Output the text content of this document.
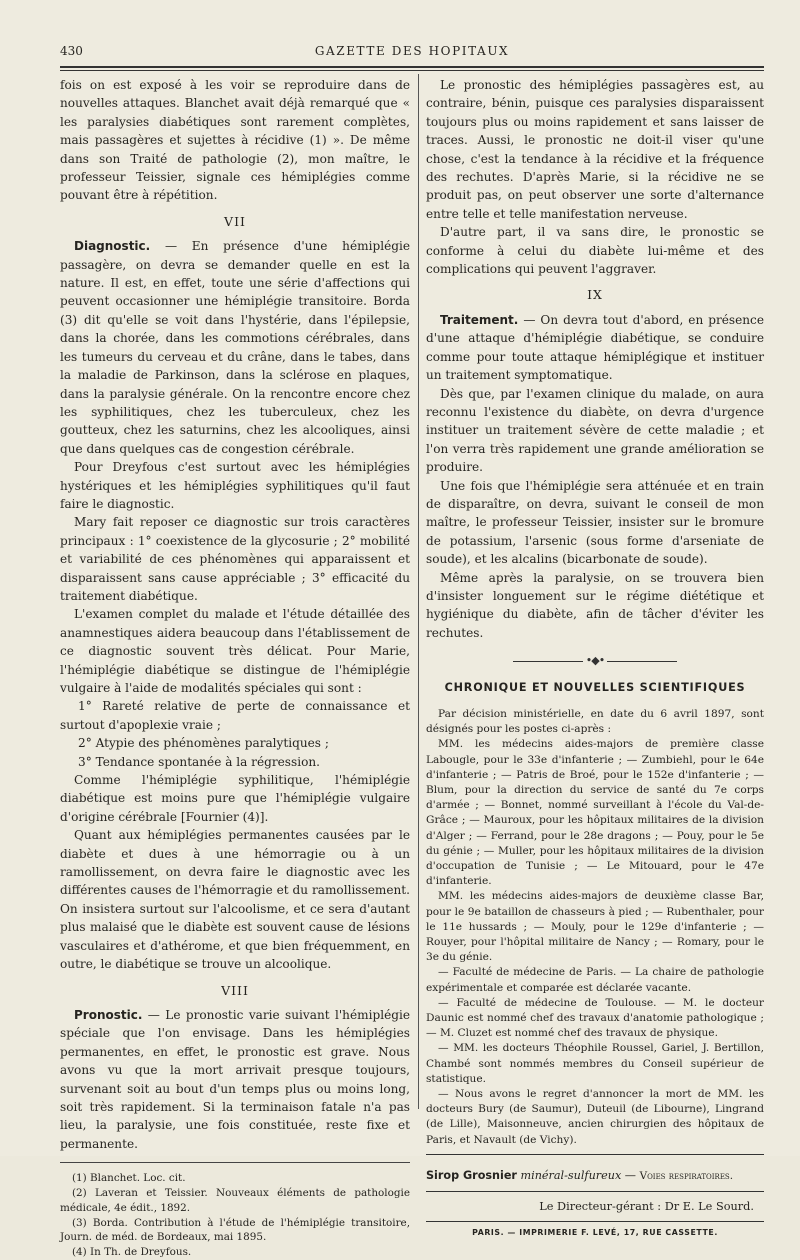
430	GAZETTE DES HOPITAUX

fois on est exposé à les voir se reproduire dans de nouvelles attaques. Blanchet avait déjà remarqué que « les paralysies diabétiques sont rarement complètes, mais passagères et sujettes à récidive (1) ». De même dans son Traité de pathologie (2), mon maître, le professeur Teissier, signale ces hémiplégies comme pouvant être à répétition.

VII

Diagnostic. — En présence d'une hémiplégie passagère, on devra se demander quelle en est la nature. Il est, en effet, toute une série d'affections qui peuvent occasionner une hémiplégie transitoire. Borda (3) dit qu'elle se voit dans l'hystérie, dans l'épilepsie, dans la chorée, dans les commotions cérébrales, dans les tumeurs du cerveau et du crâne, dans le tabes, dans la maladie de Parkinson, dans la sclérose en plaques, dans la paralysie générale. On la rencontre encore chez les syphilitiques, chez les tuberculeux, chez les goutteux, chez les saturnins, chez les alcooliques, ainsi que dans quelques cas de congestion cérébrale.

Pour Dreyfous c'est surtout avec les hémiplégies hystériques et les hémiplégies syphilitiques qu'il faut faire le diagnostic.

Mary fait reposer ce diagnostic sur trois caractères principaux : 1° coexistence de la glycosurie ; 2° mobilité et variabilité de ces phénomènes qui apparaissent et disparaissent sans cause appréciable ; 3° efficacité du traitement diabétique.

L'examen complet du malade et l'étude détaillée des anamnestiques aidera beaucoup dans l'établissement de ce diagnostic souvent très délicat. Pour Marie, l'hémiplégie diabétique se distingue de l'hémiplégie vulgaire à l'aide de modalités spéciales qui sont :

1° Rareté relative de perte de connaissance et surtout d'apoplexie vraie ;

2° Atypie des phénomènes paralytiques ;

3° Tendance spontanée à la régression.

Comme l'hémiplégie syphilitique, l'hémiplégie diabétique est moins pure que l'hémiplégie vulgaire d'origine cérébrale [Fournier (4)].

Quant aux hémiplégies permanentes causées par le diabète et dues à une hémorragie ou à un ramollissement, on devra faire le diagnostic avec les différentes causes de l'hémorragie et du ramollissement. On insistera surtout sur l'alcoolisme, et ce sera d'autant plus malaisé que le diabète est souvent cause de lésions vasculaires et d'athérome, et que bien fréquemment, en outre, le diabétique se trouve un alcoolique.

VIII

Pronostic. — Le pronostic varie suivant l'hémiplégie spéciale que l'on envisage. Dans les hémiplégies permanentes, en effet, le pronostic est grave. Nous avons vu que la mort arrivait presque toujours, survenant soit au bout d'un temps plus ou moins long, soit très rapidement. Si la terminaison fatale n'a pas lieu, la paralysie, une fois constituée, reste fixe et permanente.

(1) Blanchet. Loc. cit.

(2) Laveran et Teissier. Nouveaux éléments de pathologie médicale, 4e édit., 1892.

(3) Borda. Contribution à l'étude de l'hémiplégie transitoire, Journ. de méd. de Bordeaux, mai 1895.

(4) In Th. de Dreyfous.

Le pronostic des hémiplégies passagères est, au contraire, bénin, puisque ces paralysies disparaissent toujours plus ou moins rapidement et sans laisser de traces. Aussi, le pronostic ne doit-il viser qu'une chose, c'est la tendance à la récidive et la fréquence des rechutes. D'après Marie, si la récidive ne se produit pas, on peut observer une sorte d'alternance entre telle et telle manifestation nerveuse.

D'autre part, il va sans dire, le pronostic se conforme à celui du diabète lui-même et des complications qui peuvent l'aggraver.

IX

Traitement. — On devra tout d'abord, en présence d'une attaque d'hémiplégie diabétique, se conduire comme pour toute attaque hémiplégique et instituer un traitement symptomatique.

Dès que, par l'examen clinique du malade, on aura reconnu l'existence du diabète, on devra d'urgence instituer un traitement sévère de cette maladie ; et l'on verra très rapidement une grande amélioration se produire.

Une fois que l'hémiplégie sera atténuée et en train de disparaître, on devra, suivant le conseil de mon maître, le professeur Teissier, insister sur le bromure de potassium, l'arsenic (sous forme d'arseniate de soude), et les alcalins (bicarbonate de soude).

Même après la paralysie, on se trouvera bien d'insister longuement sur le régime diététique et hygiénique du diabète, afin de tâcher d'éviter les rechutes.

•◆•
CHRONIQUE ET NOUVELLES SCIENTIFIQUES

Par décision ministérielle, en date du 6 avril 1897, sont désignés pour les postes ci-après :

MM. les médecins aides-majors de première classe Labougle, pour le 33e d'infanterie ; — Zumbiehl, pour le 64e d'infanterie ; — Patris de Broé, pour le 152e d'infanterie ; — Blum, pour la direction du service de santé du 7e corps d'armée ; — Bonnet, nommé surveillant à l'école du Val-de-Grâce ; — Mauroux, pour les hôpitaux militaires de la division d'Alger ; — Ferrand, pour le 28e dragons ; — Pouy, pour le 5e du génie ; — Muller, pour les hôpitaux militaires de la division d'occupation de Tunisie ; — Le Mitouard, pour le 47e d'infanterie.

MM. les médecins aides-majors de deuxième classe Bar, pour le 9e bataillon de chasseurs à pied ; — Rubenthaler, pour le 11e hussards ; — Mouly, pour le 129e d'infanterie ; — Rouyer, pour l'hôpital militaire de Nancy ; — Romary, pour le 3e du génie.

— Faculté de médecine de Paris. — La chaire de pathologie expérimentale et comparée est déclarée vacante.

— Faculté de médecine de Toulouse. — M. le docteur Daunic est nommé chef des travaux d'anatomie pathologique ; — M. Cluzet est nommé chef des travaux de physique.

— MM. les docteurs Théophile Roussel, Gariel, J. Bertillon, Chambé sont nommés membres du Conseil supérieur de statistique.

— Nous avons le regret d'annoncer la mort de MM. les docteurs Bury (de Saumur), Duteuil (de Libourne), Lingrand (de Lille), Maisonneuve, ancien chirurgien des hôpitaux de Paris, et Navault (de Vichy).

Sirop Grosnier minéral-sulfureux — Voies respiratoires.
Le Directeur-gérant : Dr E. Le Sourd.
PARIS. — IMPRIMERIE F. LEVÉ, 17, RUE CASSETTE.
